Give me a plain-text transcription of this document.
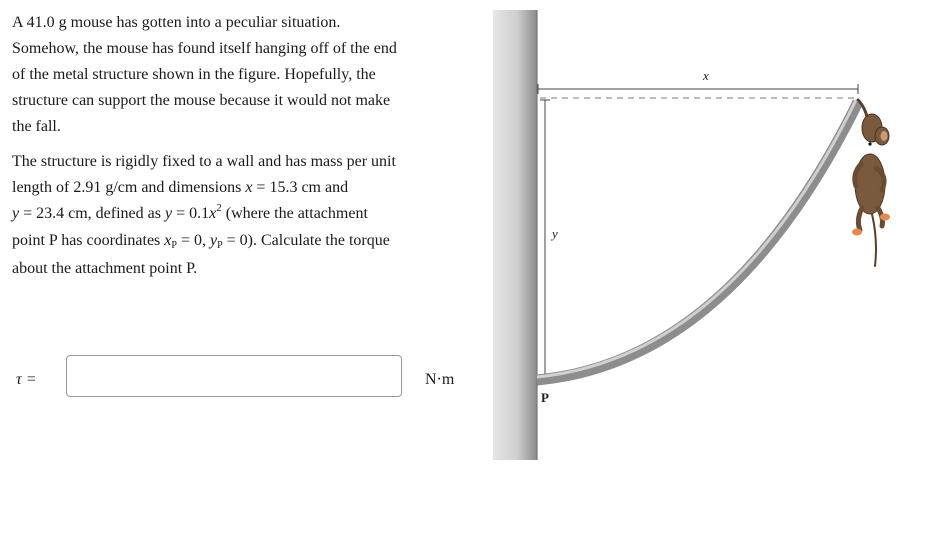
A 41.0 g mouse has gotten into a peculiar situation.
Somehow, the mouse has found itself hanging off of the end
of the metal structure shown in the figure. Hopefully, the
structure can support the mouse because it would not make
the fall.

The structure is rigidly fixed to a wall and has mass per unit
length of 2.91 g/cm and dimensions x = 15.3 cm and
y = 23.4 cm, defined as $y = 0.1x^2$ (where the attachment
point P has coordinates xP = 0, yP = 0). Calculate the torque
about the attachment point P.

τ =	N·m
x
y
P
